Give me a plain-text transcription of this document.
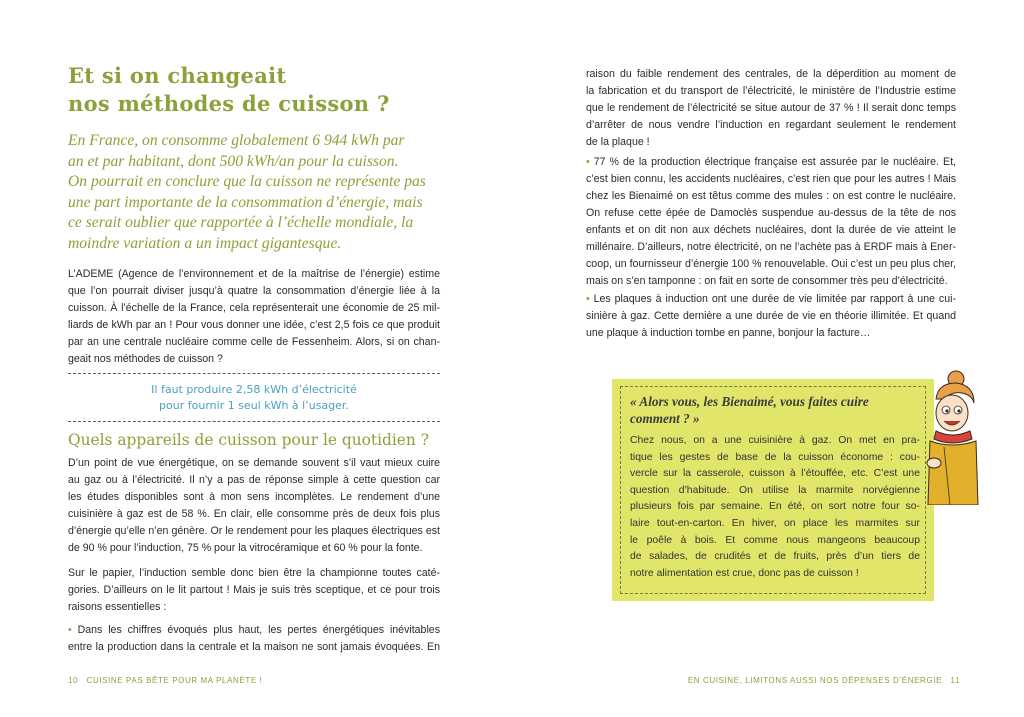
Et si on changeait
nos méthodes de cuisson ?
En France, on consomme globalement 6 944 kWh par
an et par habitant, dont 500 kWh/an pour la cuisson.
On pourrait en conclure que la cuisson ne représente pas
une part importante de la consommation d’énergie, mais
ce serait oublier que rapportée à l’échelle mondiale, la
moindre variation a un impact gigantesque.
L’ADEME (Agence de l’environnement et de la maîtrise de l’énergie) estime
que l’on pourrait diviser jusqu’à quatre la consommation d’énergie liée à la
cuisson. À l’échelle de la France, cela représenterait une économie de 25 mil-
liards de kWh par an ! Pour vous donner une idée, c’est 2,5 fois ce que produit
par an une centrale nucléaire comme celle de Fessenheim. Alors, si on chan-
geait nos méthodes de cuisson ?
Il faut produire 2,58 kWh d’électricité
pour fournir 1 seul kWh à l’usager.
Quels appareils de cuisson pour le quotidien ?
D’un point de vue énergétique, on se demande souvent s’il vaut mieux cuire
au gaz ou à l’électricité. Il n’y a pas de réponse simple à cette question car
les études disponibles sont à mon sens incomplètes. Le rendement d’une
cuisinière à gaz est de 58 %. En clair, elle consomme près de deux fois plus
d’énergie qu’elle n’en génère. Or le rendement pour les plaques électriques est
de 90 % pour l’induction, 75 % pour la vitrocéramique et 60 % pour la fonte.
Sur le papier, l’induction semble donc bien être la championne toutes caté-
gories. D’ailleurs on le lit partout ! Mais je suis très sceptique, et ce pour trois
raisons essentielles :
• Dans les chiffres évoqués plus haut, les pertes énergétiques inévitables
entre la production dans la centrale et la maison ne sont jamais évoquées. En
10 CUISINE PAS BÊTE POUR MA PLANÈTE !
raison du faible rendement des centrales, de la déperdition au moment de
la fabrication et du transport de l’électricité, le ministère de l’Industrie estime
que le rendement de l’électricité se situe autour de 37 % ! Il serait donc temps
d’arrêter de nous vendre l’induction en regardant seulement le rendement
de la plaque !
• 77 % de la production électrique française est assurée par le nucléaire. Et,
c’est bien connu, les accidents nucléaires, c’est rien que pour les autres ! Mais
chez les Bienaimé on est têtus comme des mules : on est contre le nucléaire.
On refuse cette épée de Damoclès suspendue au-dessus de la tête de nos
enfants et on dit non aux déchets nucléaires, dont la durée de vie atteint le
millénaire. D’ailleurs, notre électricité, on ne l’achète pas à ERDF mais à Ener-
coop, un fournisseur d’énergie 100 % renouvelable. Oui c’est un peu plus cher,
mais on s’en tamponne : on fait en sorte de consommer très peu d’électricité.
• Les plaques à induction ont une durée de vie limitée par rapport à une cui-
sinière à gaz. Cette dernière a une durée de vie en théorie illimitée. Et quand
une plaque à induction tombe en panne, bonjour la facture…
« Alors vous, les Bienaimé, vous faites cuire
comment ? »
Chez nous, on a une cuisinière à gaz. On met en pra-
tique les gestes de base de la cuisson économe : cou-
vercle sur la casserole, cuisson à l’étouffée, etc. C’est une
question d’habitude. On utilise la marmite norvégienne
plusieurs fois par semaine. En été, on sort notre four so-
laire tout-en-carton. En hiver, on place les marmites sur
le poêle à bois. Et comme nous mangeons beaucoup
de salades, de crudités et de fruits, près d’un tiers de
notre alimentation est crue, donc pas de cuisson !
EN CUISINE, LIMITONS AUSSI NOS DÉPENSES D’ÉNERGIE 11
